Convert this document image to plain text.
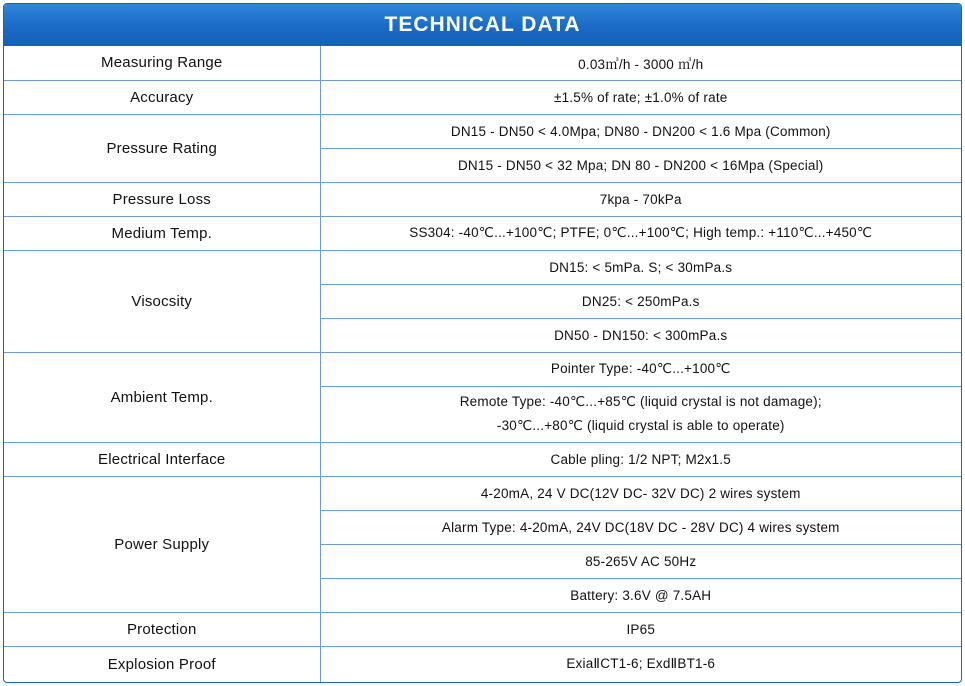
TECHNICAL DATA
Measuring Range	0.03㎥/h - 3000 ㎥/h
Accuracy	±1.5% of rate; ±1.0% of rate
Pressure Rating	DN15 - DN50 < 4.0Mpa; DN80 - DN200 < 1.6 Mpa (Common)
	DN15 - DN50 < 32 Mpa; DN 80 - DN200 < 16Mpa (Special)
Pressure Loss	7kpa - 70kPa
Medium Temp.	SS304: -40℃...+100℃; PTFE; 0℃...+100℃; High temp.: +110℃...+450℃
Visocsity	DN15: < 5mPa. S; < 30mPa.s
	DN25: < 250mPa.s
	DN50 - DN150: < 300mPa.s
Ambient Temp.	Pointer Type: -40℃...+100℃

	Remote Type: -40℃...+85℃ (liquid crystal is not damage);
-30℃...+80℃ (liquid crystal is able to operate)

Electrical Interface	Cable pling: 1/2 NPT; M2x1.5
Power Supply	4-20mA, 24 V DC(12V DC- 32V DC) 2 wires system
	Alarm Type: 4-20mA, 24V DC(18V DC - 28V DC) 4 wires system
	85-265V AC 50Hz
	Battery: 3.6V @ 7.5AH
Protection	IP65
Explosion Proof	ExiaⅡCT1-6; ExdⅡBT1-6
